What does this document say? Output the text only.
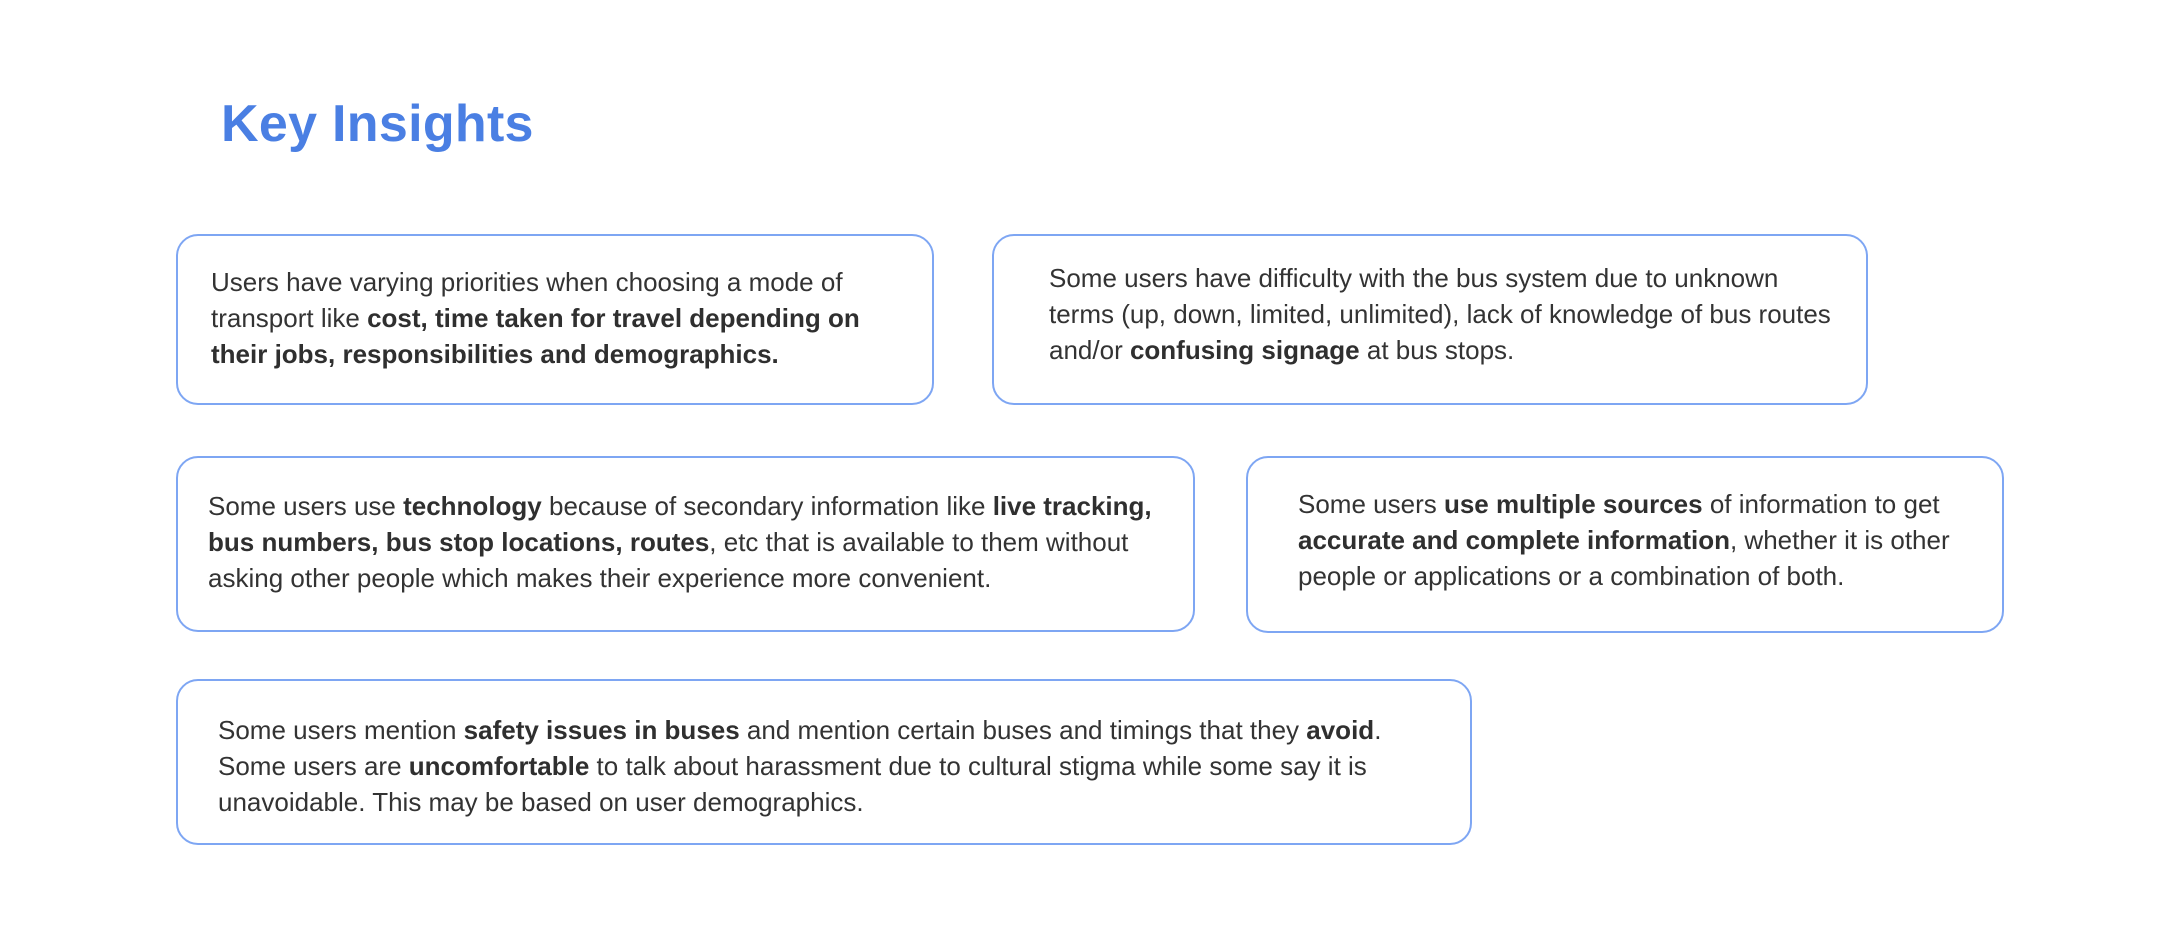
Key Insights

Users have varying priorities when choosing a mode of transport like cost, time taken for travel depending on their jobs, responsibilities and demographics.

Some users have difficulty with the bus system due to unknown terms (up, down, limited, unlimited), lack of knowledge of bus routes and/or confusing signage at bus stops.

Some users use technology because of secondary information like live tracking, bus numbers, bus stop locations, routes, etc that is available to them without asking other people which makes their experience more convenient.

Some users use multiple sources of information to get accurate and complete information, whether it is other people or applications or a combination of both.

Some users mention safety issues in buses and mention certain buses and timings that they avoid. Some users are uncomfortable to talk about harassment due to cultural stigma while some say it is unavoidable. This may be based on user demographics.
